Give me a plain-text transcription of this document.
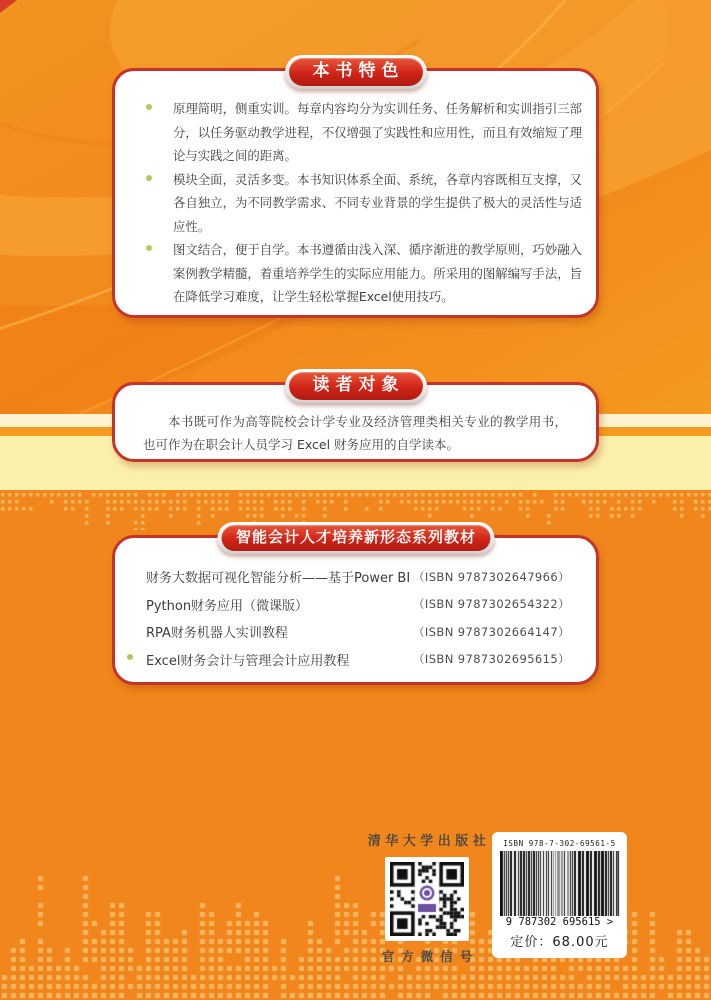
本书特色

原理简明，侧重实训。每章内容均分为实训任务、任务解析和实训指引三部分，以任务驱动教学进程，不仅增强了实践性和应用性，而且有效缩短了理论与实践之间的距离。

模块全面，灵活多变。本书知识体系全面、系统，各章内容既相互支撑，又各自独立，为不同教学需求、不同专业背景的学生提供了极大的灵活性与适应性。

图文结合，便于自学。本书遵循由浅入深、循序渐进的教学原则，巧妙融入案例教学精髓，着重培养学生的实际应用能力。所采用的图解编写手法，旨在降低学习难度，让学生轻松掌握Excel使用技巧。

读者对象

本书既可作为高等院校会计学专业及经济管理类相关专业的教学用书，也可作为在职会计人员学习 Excel 财务应用的自学读本。

智能会计人才培养新形态系列教材
财务大数据可视化智能分析——基于Power BI （ISBN 9787302647966）
Python财务应用（微课版）	（ISBN 9787302654322）
RPA财务机器人实训教程	（ISBN 9787302664147）
Excel财务会计与管理会计应用教程	（ISBN 9787302695615）
清华大学出版社
官方微信号
ISBN 978-7-302-69561-5
9 787302 695615 >
定价：68.00元
